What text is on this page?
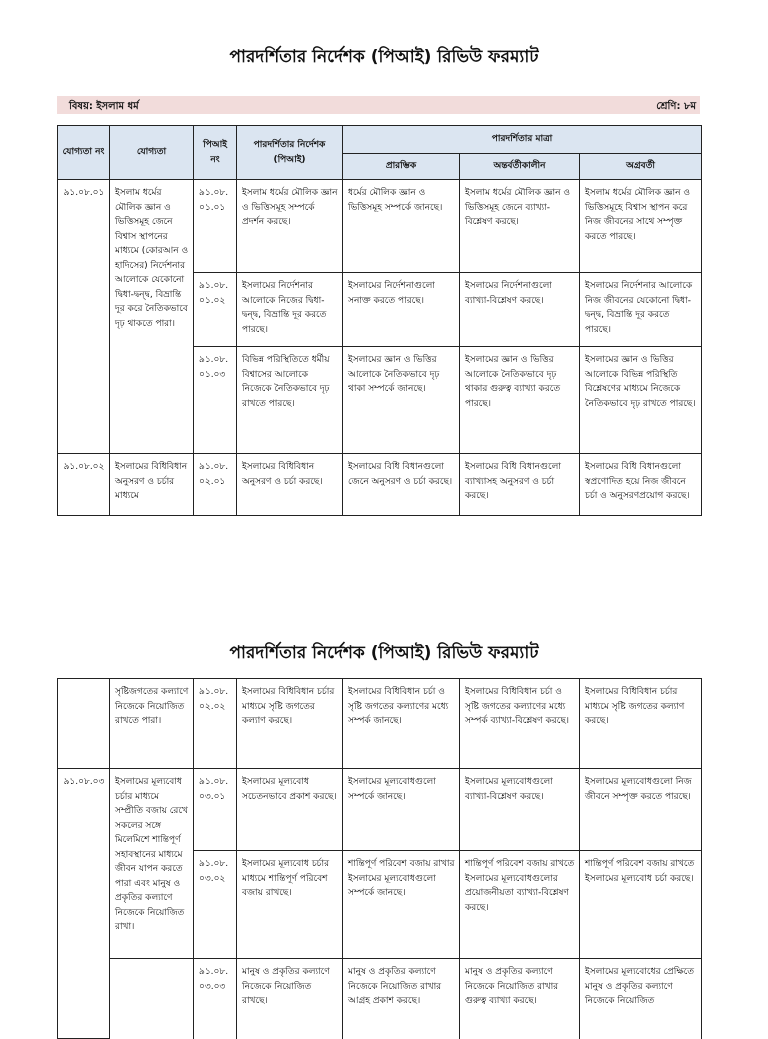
পারদর্শিতার নির্দেশক (পিআই) রিভিউ ফরম্যাট
বিষয়: ইসলাম ধর্ম	শ্রেণি: ৮ম
যোগ্যতা নং	যোগ্যতা	পিআই নং	পারদর্শিতার নির্দেশক (পিআই)	পারদর্শিতার মাত্রা		
				প্রারম্ভিক	অন্তর্বর্তীকালীন	অগ্রবর্তী
৯১.০৮.০১	ইসলাম ধর্মের মৌলিক জ্ঞান ও ভিত্তিসমূহ জেনে বিশ্বাস স্থাপনের মাধ্যমে (কোরআন ও হাদিসের) নির্দেশনার আলোকে যেকোনো দ্বিধা-দ্বন্দ্ব, বিভ্রান্তি দূর করে নৈতিকভাবে দৃঢ় থাকতে পারা।	৯১.০৮.০১.০১	ইসলাম ধর্মের মৌলিক জ্ঞান ও ভিত্তিসমূহ সম্পর্কে প্রদর্শন করছে।	ধর্মের মৌলিক জ্ঞান ও ভিত্তিসমূহ সম্পর্কে জানছে।	ইসলাম ধর্মের মৌলিক জ্ঞান ও ভিত্তিসমূহ জেনে ব্যাখ্যা-বিশ্লেষণ করছে।	ইসলাম ধর্মের মৌলিক জ্ঞান ও ভিত্তিসমূহে বিশ্বাস স্থাপন করে নিজ জীবনের সাথে সম্পৃক্ত করতে পারছে।
		৯১.০৮.০১.০২	ইসলামের নির্দেশনার আলোকে নিজের দ্বিধা-দ্বন্দ্ব, বিভ্রান্তি দূর করতে পারছে।	ইসলামের নির্দেশনাগুলো সনাক্ত করতে পারছে।	ইসলামের নির্দেশনাগুলো ব্যাখ্যা-বিশ্লেষণ করছে।	ইসলামের নির্দেশনার আলোকে নিজ জীবনের যেকোনো দ্বিধা-দ্বন্দ্ব, বিভ্রান্তি দূর করতে পারছে।
		৯১.০৮.০১.০৩	বিভিন্ন পরিস্থিতিতে ধর্মীয় বিশ্বাসের আলোকে নিজেকে নৈতিকভাবে দৃঢ় রাখতে পারছে।	ইসলামের জ্ঞান ও ভিত্তির আলোকে নৈতিকভাবে দৃঢ় থাকা সম্পর্কে জানছে।	ইসলামের জ্ঞান ও ভিত্তির আলোকে নৈতিকভাবে দৃঢ় থাকার গুরুত্ব ব্যাখ্যা করতে পারছে।	ইসলামের জ্ঞান ও ভিত্তির আলোকে বিভিন্ন পরিস্থিতি বিশ্লেষণের মাধ্যমে নিজেকে নৈতিকভাবে দৃঢ় রাখতে পারছে।
৯১.০৮.০২	ইসলামের বিধিবিধান অনুসরণ ও চর্চার মাধ্যমে	৯১.০৮.০২.০১	ইসলামের বিধিবিধান অনুসরণ ও চর্চা করছে।	ইসলামের বিধি বিধানগুলো জেনে অনুসরণ ও চর্চা করছে।	ইসলামের বিধি বিধানগুলো ব্যাখ্যাসহ অনুসরণ ও চর্চা করছে।	ইসলামের বিধি বিধানগুলো স্বপ্রণোদিত হয়ে নিজ জীবনে চর্চা ও অনুসরণপ্রয়োগ করছে।
পারদর্শিতার নির্দেশক (পিআই) রিভিউ ফরম্যাট
	সৃষ্টিজগতের কল্যাণে নিজেকে নিয়োজিত রাখতে পারা।	৯১.০৮.০২.০২	ইসলামের বিধিবিধান চর্চার মাধ্যমে সৃষ্টি জগতের কল্যাণ করছে।	ইসলামের বিধিবিধান চর্চা ও সৃষ্টি জগতের কল্যাণের মধ্যে সম্পর্ক জানছে।	ইসলামের বিধিবিধান চর্চা ও সৃষ্টি জগতের কল্যাণের মধ্যে সম্পর্ক ব্যাখ্যা-বিশ্লেষণ করছে।	ইসলামের বিধিবিধান চর্চার মাধ্যমে সৃষ্টি জগতের কল্যাণ করছে।
৯১.০৮.০৩	ইসলামের মূল্যবোধ চর্চার মাধ্যমে সম্প্রীতি বজায় রেখে সকলের সঙ্গে মিলেমিশে শান্তিপূর্ণ সহাবস্থানের মাধ্যমে জীবন যাপন করতে পারা এবং মানুষ ও প্রকৃতির কল্যাণে নিজেকে নিয়োজিত রাখা।	৯১.০৮.০৩.০১	ইসলামের মূল্যবোধ সচেতনভাবে প্রকাশ করছে।	ইসলামের মূল্যবোধগুলো সম্পর্কে জানছে।	ইসলামের মূল্যবোধগুলো ব্যাখ্যা-বিশ্লেষণ করছে।	ইসলামের মূল্যবোধগুলো নিজ জীবনে সম্পৃক্ত করতে পারছে।
		৯১.০৮.০৩.০২	ইসলামের মূল্যবোধ চর্চার মাধ্যমে শান্তিপূর্ণ পরিবেশ বজায় রাখছে।	শান্তিপূর্ণ পরিবেশ বজায় রাখার ইসলামের মূল্যবোধগুলো সম্পর্কে জানছে।	শান্তিপূর্ণ পরিবেশ বজায় রাখতে ইসলামের মূল্যবোধগুলোর প্রয়োজনীয়তা ব্যাখ্যা-বিশ্লেষণ করছে।	শান্তিপূর্ণ পরিবেশ বজায় রাখতে ইসলামের মূল্যবোধ চর্চা করছে।
		৯১.০৮.০৩.০৩	মানুষ ও প্রকৃতির কল্যাণে নিজেকে নিয়োজিত রাখছে।	মানুষ ও প্রকৃতির কল্যাণে নিজেকে নিয়োজিত রাখার আগ্রহ প্রকাশ করছে।	মানুষ ও প্রকৃতির কল্যাণে নিজেকে নিয়োজিত রাখার গুরুত্ব ব্যাখ্যা করছে।	ইসলামের মূল্যবোধের প্রেক্ষিতে মানুষ ও প্রকৃতির কল্যাণে নিজেকে নিয়োজিত
